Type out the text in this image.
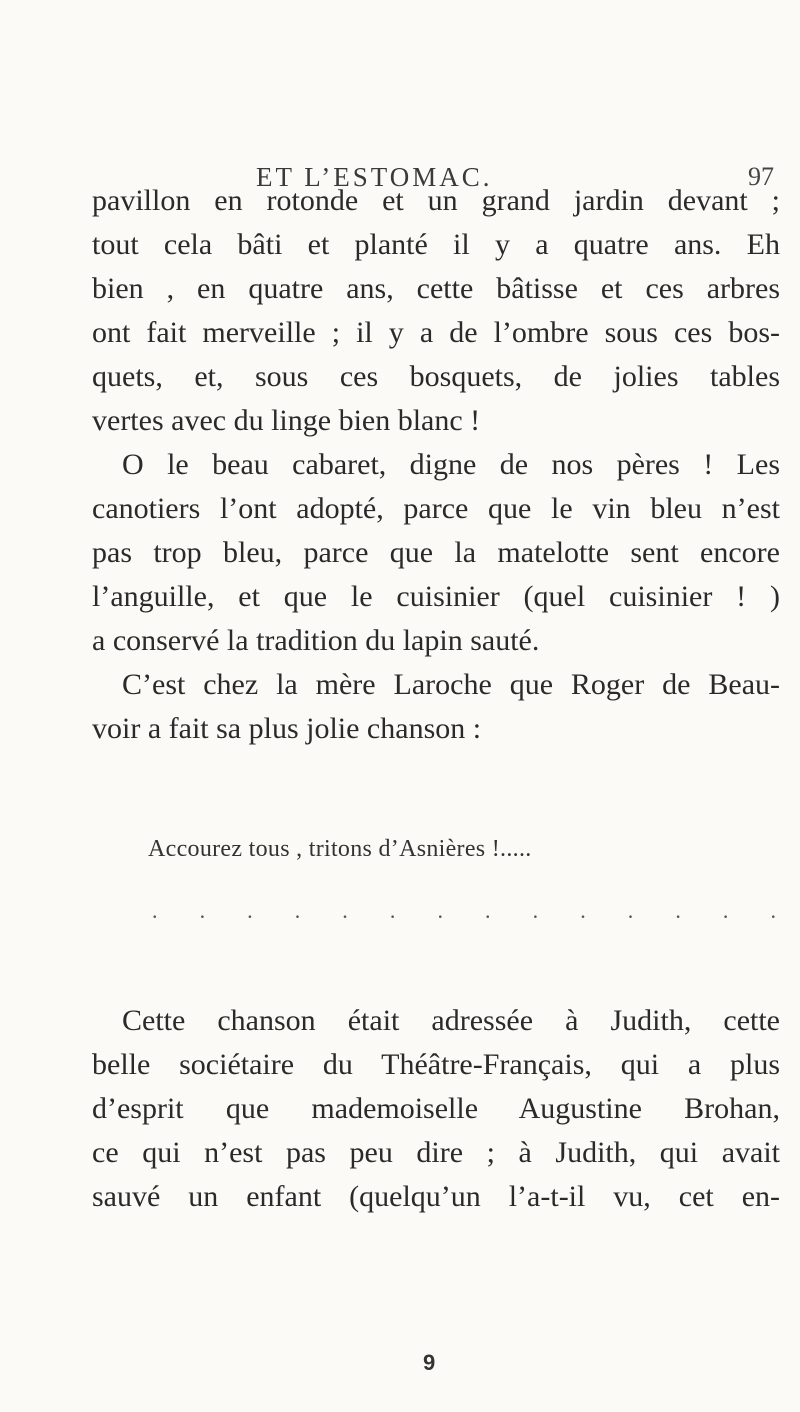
ET L’ESTOMAC.	97
pavillon en rotonde et un grand jardin devant ;
tout cela bâti et planté il y a quatre ans. Eh
bien , en quatre ans, cette bâtisse et ces arbres
ont fait merveille ; il y a de l’ombre sous ces bos-
quets, et, sous ces bosquets, de jolies tables
vertes avec du linge bien blanc !
O le beau cabaret, digne de nos pères ! Les
canotiers l’ont adopté, parce que le vin bleu n’est
pas trop bleu, parce que la matelotte sent encore
l’anguille, et que le cuisinier (quel cuisinier ! )
a conservé la tradition du lapin sauté.
C’est chez la mère Laroche que Roger de Beau-
voir a fait sa plus jolie chanson :
Accourez tous , tritons d’Asnières !.....
. . . . . . . . . . . . . .
Cette chanson était adressée à Judith, cette
belle sociétaire du Théâtre-Français, qui a plus
d’esprit que mademoiselle Augustine Brohan,
ce qui n’est pas peu dire ; à Judith, qui avait
sauvé un enfant (quelqu’un l’a-t-il vu, cet en-
9
